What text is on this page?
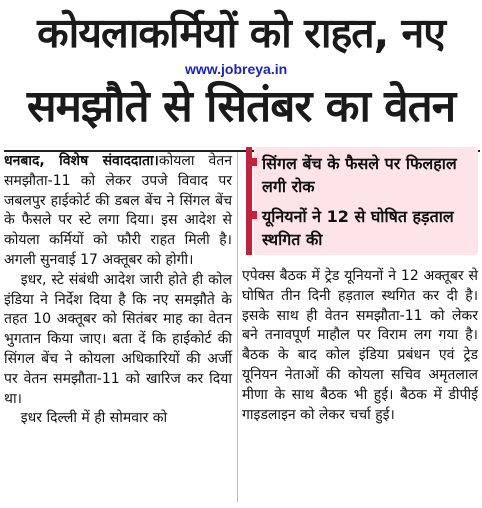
कोयलाकर्मियों को राहत, नए
समझौते से सितंबर का वेतन
www.jobreya.in

धनबाद, विशेष संवाददाता।कोयला वेतन समझौता-11 को लेकर उपजे विवाद पर जबलपुर हाईकोर्ट की डबल बेंच ने सिंगल बेंच के फैसले पर स्टे लगा दिया। इस आदेश से कोयला कर्मियों को फौरी राहत मिली है। अगली सुनवाई 17 अक्तूबर को होगी।

इधर, स्टे संबंधी आदेश जारी होते ही कोल इंडिया ने निर्देश दिया है कि नए समझौते के तहत 10 अक्तूबर को सितंबर माह का वेतन भुगतान किया जाए। बता दें कि हाईकोर्ट की सिंगल बेंच ने कोयला अधिकारियों की अर्जी पर वेतन समझौता-11 को खारिज कर दिया था।

इधर दिल्ली में ही सोमवार को

सिंगल बेंच के फैसले पर फिलहाल लगी रोक
यूनियनों ने 12 से घोषित हड़ताल स्थगित की

एपेक्स बैठक में ट्रेड यूनियनों ने 12 अक्तूबर से घोषित तीन दिनी हड़ताल स्थगित कर दी है। इसके साथ ही वेतन समझौता-11 को लेकर बने तनावपूर्ण माहौल पर विराम लग गया है। बैठक के बाद कोल इंडिया प्रबंधन एवं ट्रेड यूनियन नेताओं की कोयला सचिव अमृतलाल मीणा के साथ बैठक भी हुई। बैठक में डीपीई गाइडलाइन को लेकर चर्चा हुई।
